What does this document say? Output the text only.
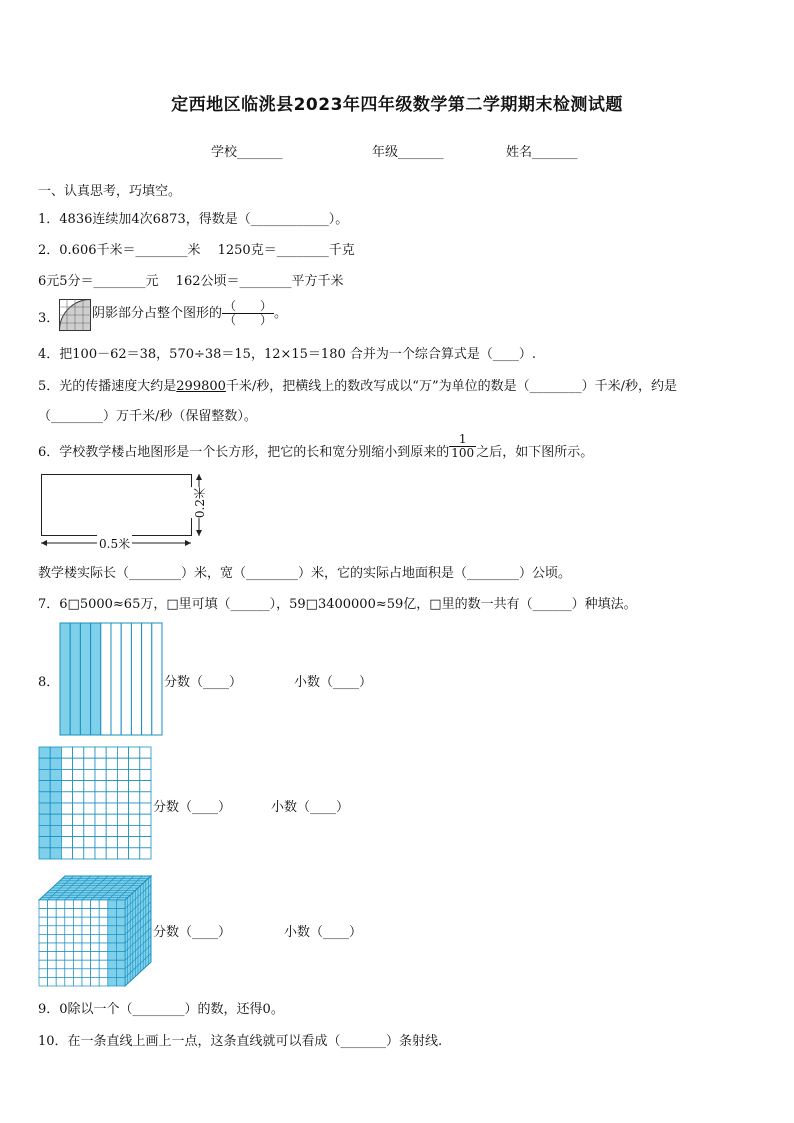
定西地区临洮县2023年四年级数学第二学期期末检测试题
学校_______	年级_______	姓名_______
一、认真思考，巧填空。
1．4836连续加4次6873，得数是（____________）。
2．0.606千米＝________米　 1250克＝________千克
6元5分＝________元　 162公顷＝________平方千米
3．	阴影部分占整个图形的 $\frac{( )}{( )}$ 。
4．把100－62＝38，570÷38＝15，12×15＝180 合并为一个综合算式是（____）.
5．光的传播速度大约是299800千米/秒，把横线上的数改写成以“万”为单位的数是（________）千米/秒，约是
（________）万千米/秒（保留整数）。
6．学校教学楼占地图形是一个长方形，把它的长和宽分别缩小到原来的 $\frac{1}{100}$ 之后，如下图所示。
0.5米
0.2米
教学楼实际长（________）米，宽（________）米，它的实际占地面积是（________）公顷。
7．6□5000≈65万，□里可填（______），59□3400000≈59亿，□里的数一共有（______）种填法。
8．	分数（____）	小数（____）
分数（____）	小数（____）
分数（____）	小数（____）
9．0除以一个（________）的数，还得0。
10．在一条直线上画上一点，这条直线就可以看成（_______）条射线.
